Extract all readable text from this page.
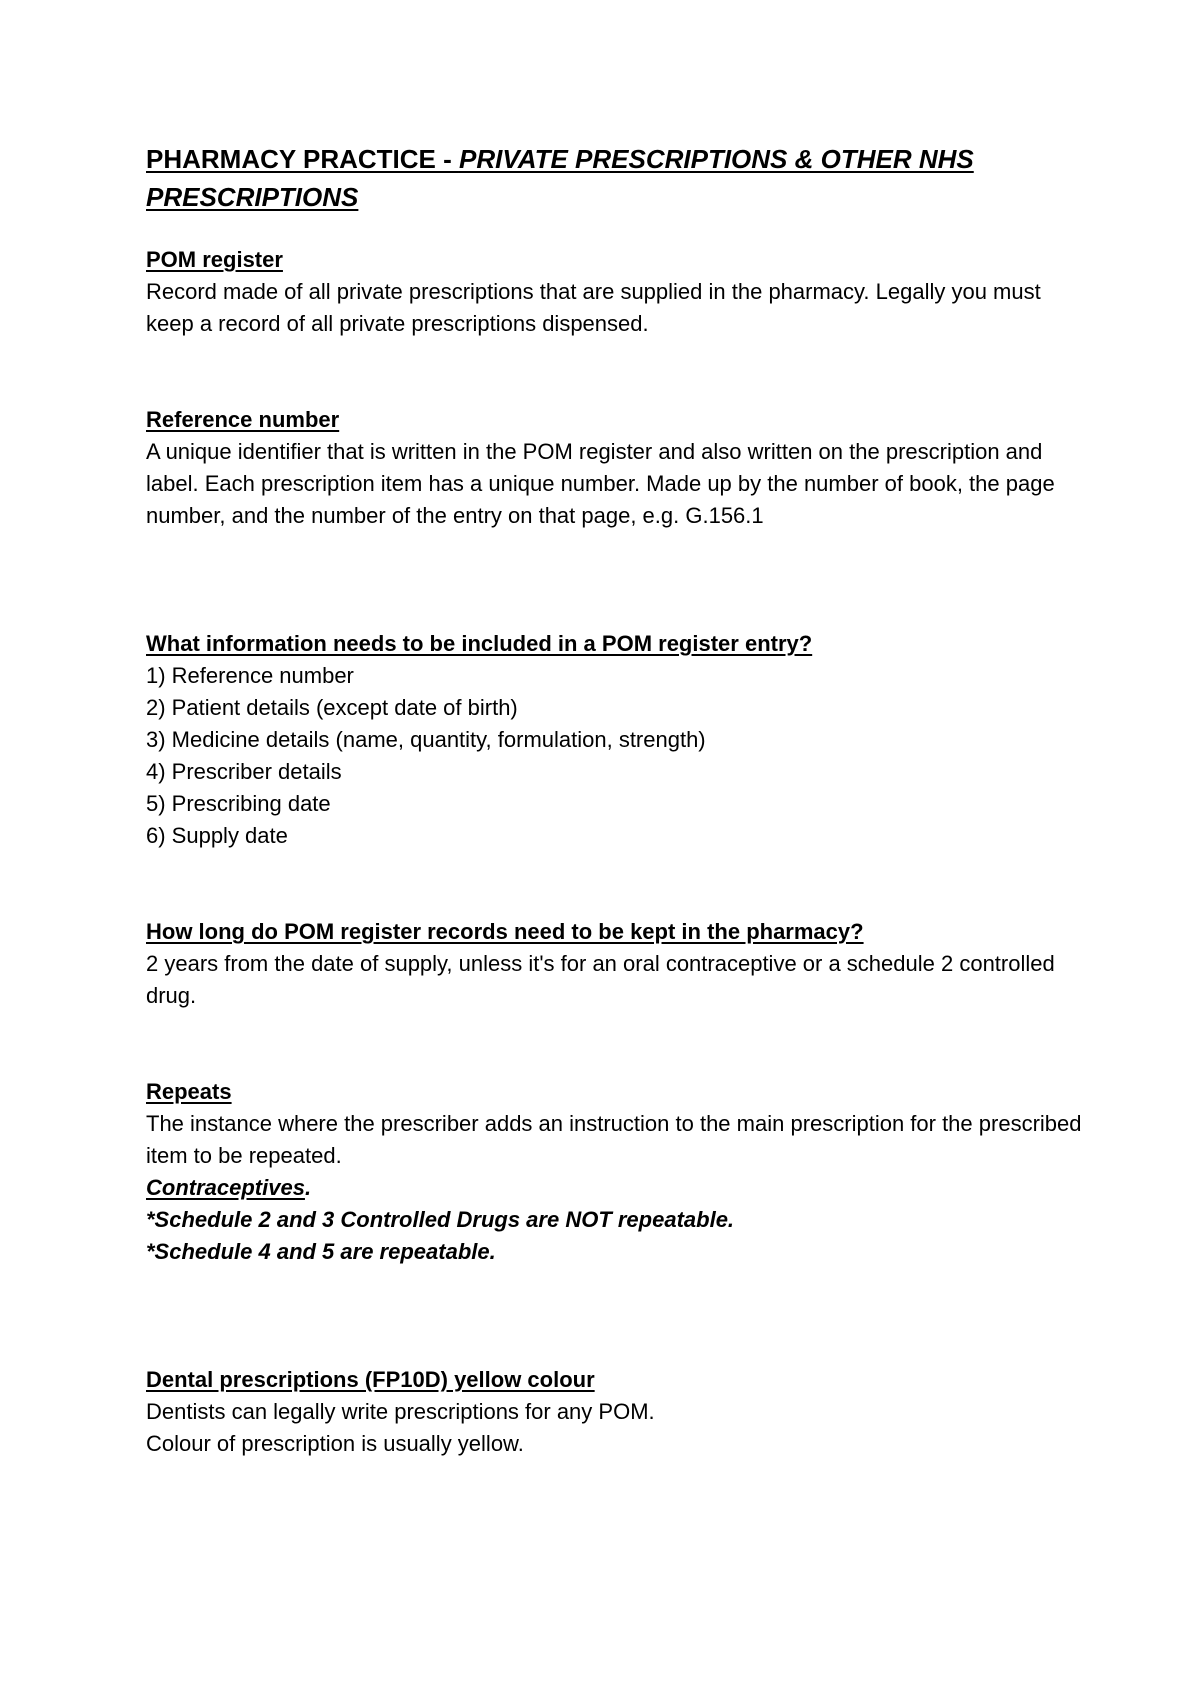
PHARMACY PRACTICE - PRIVATE PRESCRIPTIONS & OTHER NHS PRESCRIPTIONS

POM register

Record made of all private prescriptions that are supplied in the pharmacy. Legally you must keep a record of all private prescriptions dispensed.

Reference number

A unique identifier that is written in the POM register and also written on the prescription and label. Each prescription item has a unique number. Made up by the number of book, the page number, and the number of the entry on that page, e.g. G.156.1

What information needs to be included in a POM register entry?

1) Reference number
2) Patient details (except date of birth)
3) Medicine details (name, quantity, formulation, strength)
4) Prescriber details
5) Prescribing date
6) Supply date

How long do POM register records need to be kept in the pharmacy?

2 years from the date of supply, unless it's for an oral contraceptive or a schedule 2 controlled drug.

Repeats

The instance where the prescriber adds an instruction to the main prescription for the prescribed item to be repeated.

Contraceptives.

*Schedule 2 and 3 Controlled Drugs are NOT repeatable.

*Schedule 4 and 5 are repeatable.

Dental prescriptions (FP10D) yellow colour

Dentists can legally write prescriptions for any POM.

Colour of prescription is usually yellow.
